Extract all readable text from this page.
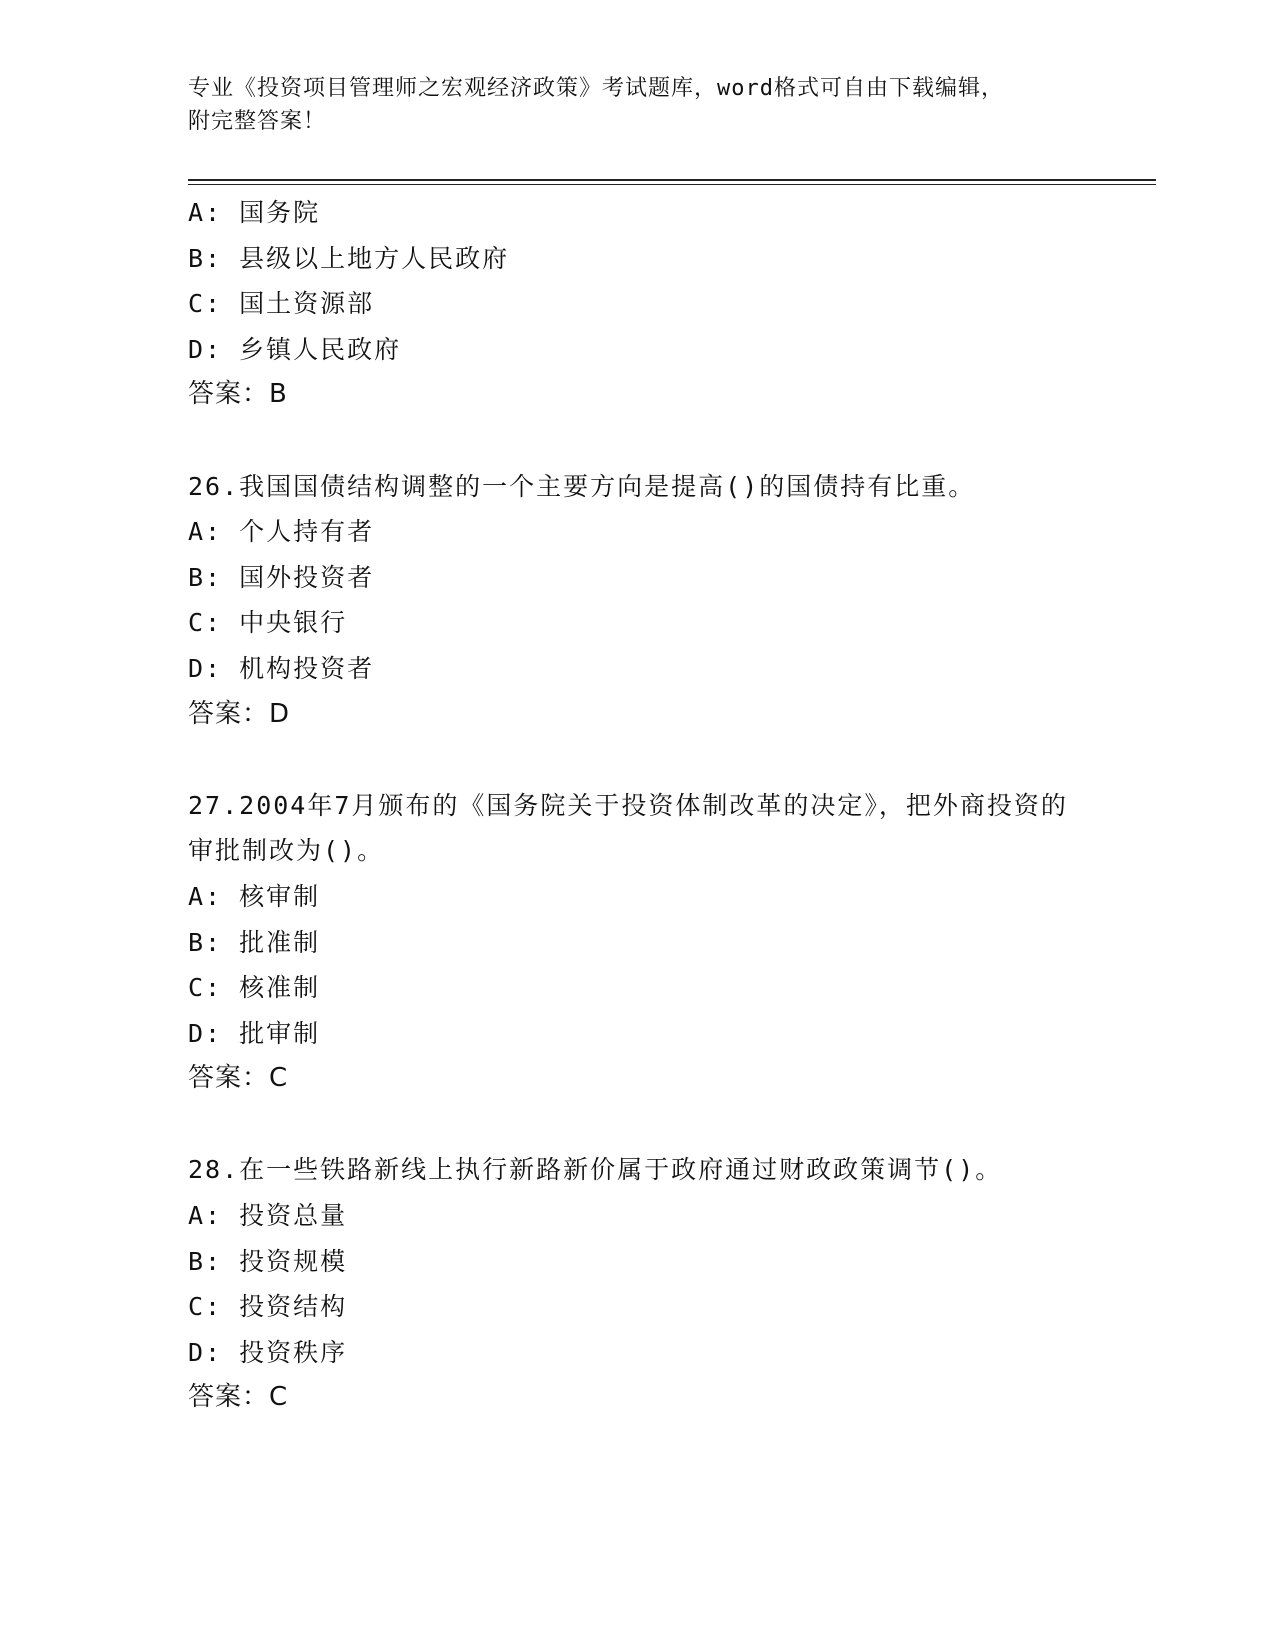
专业《投资项目管理师之宏观经济政策》考试题库，word格式可自由下载编辑，
附完整答案！
A: 国务院
B: 县级以上地方人民政府
C: 国土资源部
D: 乡镇人民政府
答案：B
26.我国国债结构调整的一个主要方向是提高()的国债持有比重。
A: 个人持有者
B: 国外投资者
C: 中央银行
D: 机构投资者
答案：D
27.2004年7月颁布的《国务院关于投资体制改革的决定》，把外商投资的审批制改为()。
A: 核审制
B: 批准制
C: 核准制
D: 批审制
答案：C
28.在一些铁路新线上执行新路新价属于政府通过财政政策调节()。
A: 投资总量
B: 投资规模
C: 投资结构
D: 投资秩序
答案：C
